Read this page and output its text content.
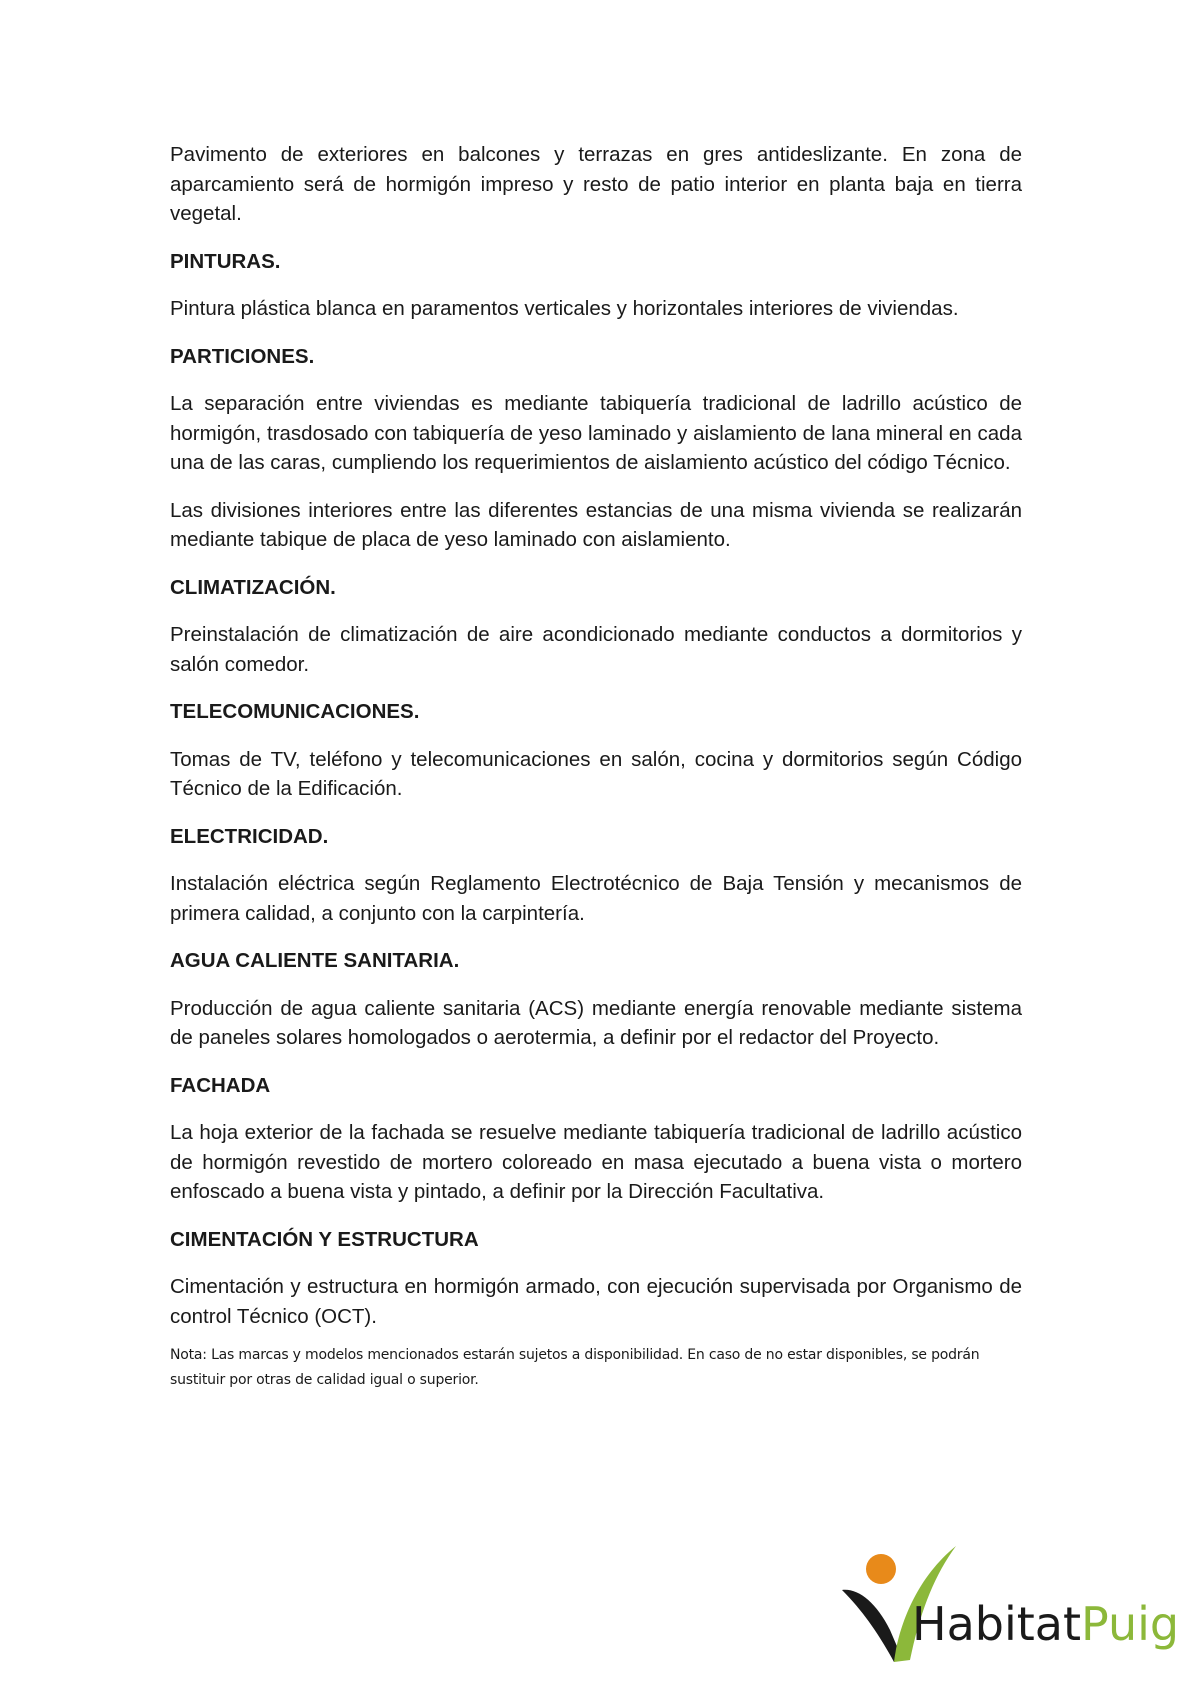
Pavimento de exteriores en balcones y terrazas en gres antideslizante. En zona de aparcamiento será de hormigón impreso y resto de patio interior en planta baja en tierra vegetal.

PINTURAS.

Pintura plástica blanca en paramentos verticales y horizontales interiores de viviendas.

PARTICIONES.

La separación entre viviendas es mediante tabiquería tradicional de ladrillo acústico de hormigón, trasdosado con tabiquería de yeso laminado y aislamiento de lana mineral en cada una de las caras, cumpliendo los requerimientos de aislamiento acústico del código Técnico.

Las divisiones interiores entre las diferentes estancias de una misma vivienda se realizarán mediante tabique de placa de yeso laminado con aislamiento.

CLIMATIZACIÓN.

Preinstalación de climatización de aire acondicionado mediante conductos a dormitorios y salón comedor.

TELECOMUNICACIONES.

Tomas de TV, teléfono y telecomunicaciones en salón, cocina y dormitorios según Código Técnico de la Edificación.

ELECTRICIDAD.

Instalación eléctrica según Reglamento Electrotécnico de Baja Tensión y mecanismos de primera calidad, a conjunto con la carpintería.

AGUA CALIENTE SANITARIA.

Producción de agua caliente sanitaria (ACS) mediante energía renovable mediante sistema de paneles solares homologados o aerotermia, a definir por el redactor del Proyecto.

FACHADA

La hoja exterior de la fachada se resuelve mediante tabiquería tradicional de ladrillo acústico de hormigón revestido de mortero coloreado en masa ejecutado a buena vista o mortero enfoscado a buena vista y pintado, a definir por la Dirección Facultativa.

CIMENTACIÓN Y ESTRUCTURA

Cimentación y estructura en hormigón armado, con ejecución supervisada por Organismo de control Técnico (OCT).

Nota: Las marcas y modelos mencionados estarán sujetos a disponibilidad. En caso de no estar disponibles, se podrán sustituir por otras de calidad igual o superior.

HabitatPuig
